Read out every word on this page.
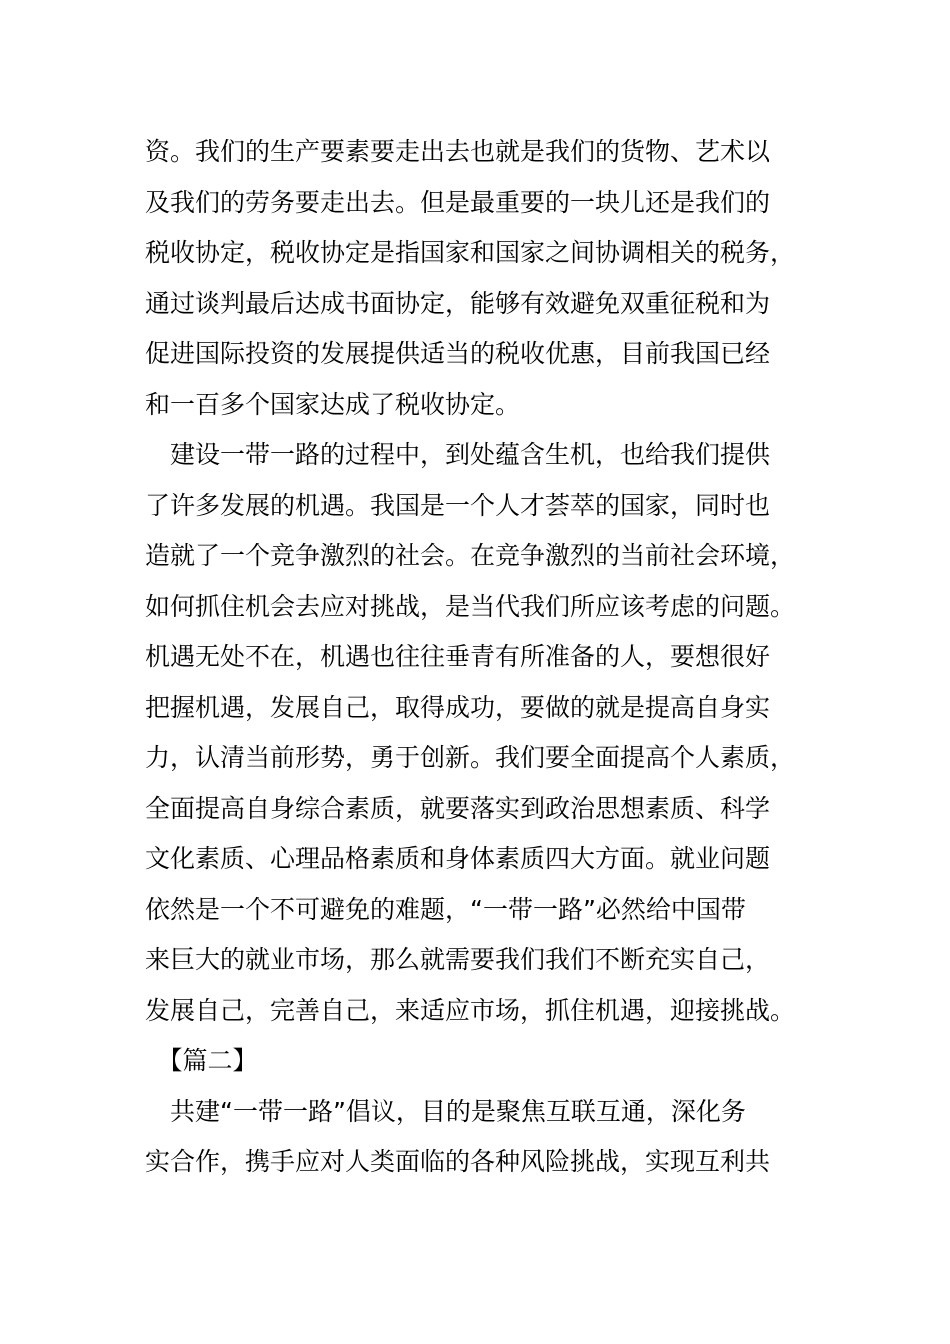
资。我们的生产要素要走出去也就是我们的货物、艺术以
及我们的劳务要走出去。但是最重要的一块儿还是我们的
税收协定，税收协定是指国家和国家之间协调相关的税务，
通过谈判最后达成书面协定，能够有效避免双重征税和为
促进国际投资的发展提供适当的税收优惠，目前我国已经
和一百多个国家达成了税收协定。
　建设一带一路的过程中，到处蕴含生机，也给我们提供
了许多发展的机遇。我国是一个人才荟萃的国家，同时也
造就了一个竞争激烈的社会。在竞争激烈的当前社会环境，
如何抓住机会去应对挑战，是当代我们所应该考虑的问题。
机遇无处不在，机遇也往往垂青有所准备的人，要想很好
把握机遇，发展自己，取得成功，要做的就是提高自身实
力，认清当前形势，勇于创新。我们要全面提高个人素质，
全面提高自身综合素质，就要落实到政治思想素质、科学
文化素质、心理品格素质和身体素质四大方面。就业问题
依然是一个不可避免的难题，“一带一路”必然给中国带
来巨大的就业市场，那么就需要我们我们不断充实自己，
发展自己，完善自己，来适应市场，抓住机遇，迎接挑战。
　【篇二】
　共建“一带一路”倡议，目的是聚焦互联互通，深化务
实合作，携手应对人类面临的各种风险挑战，实现互利共
